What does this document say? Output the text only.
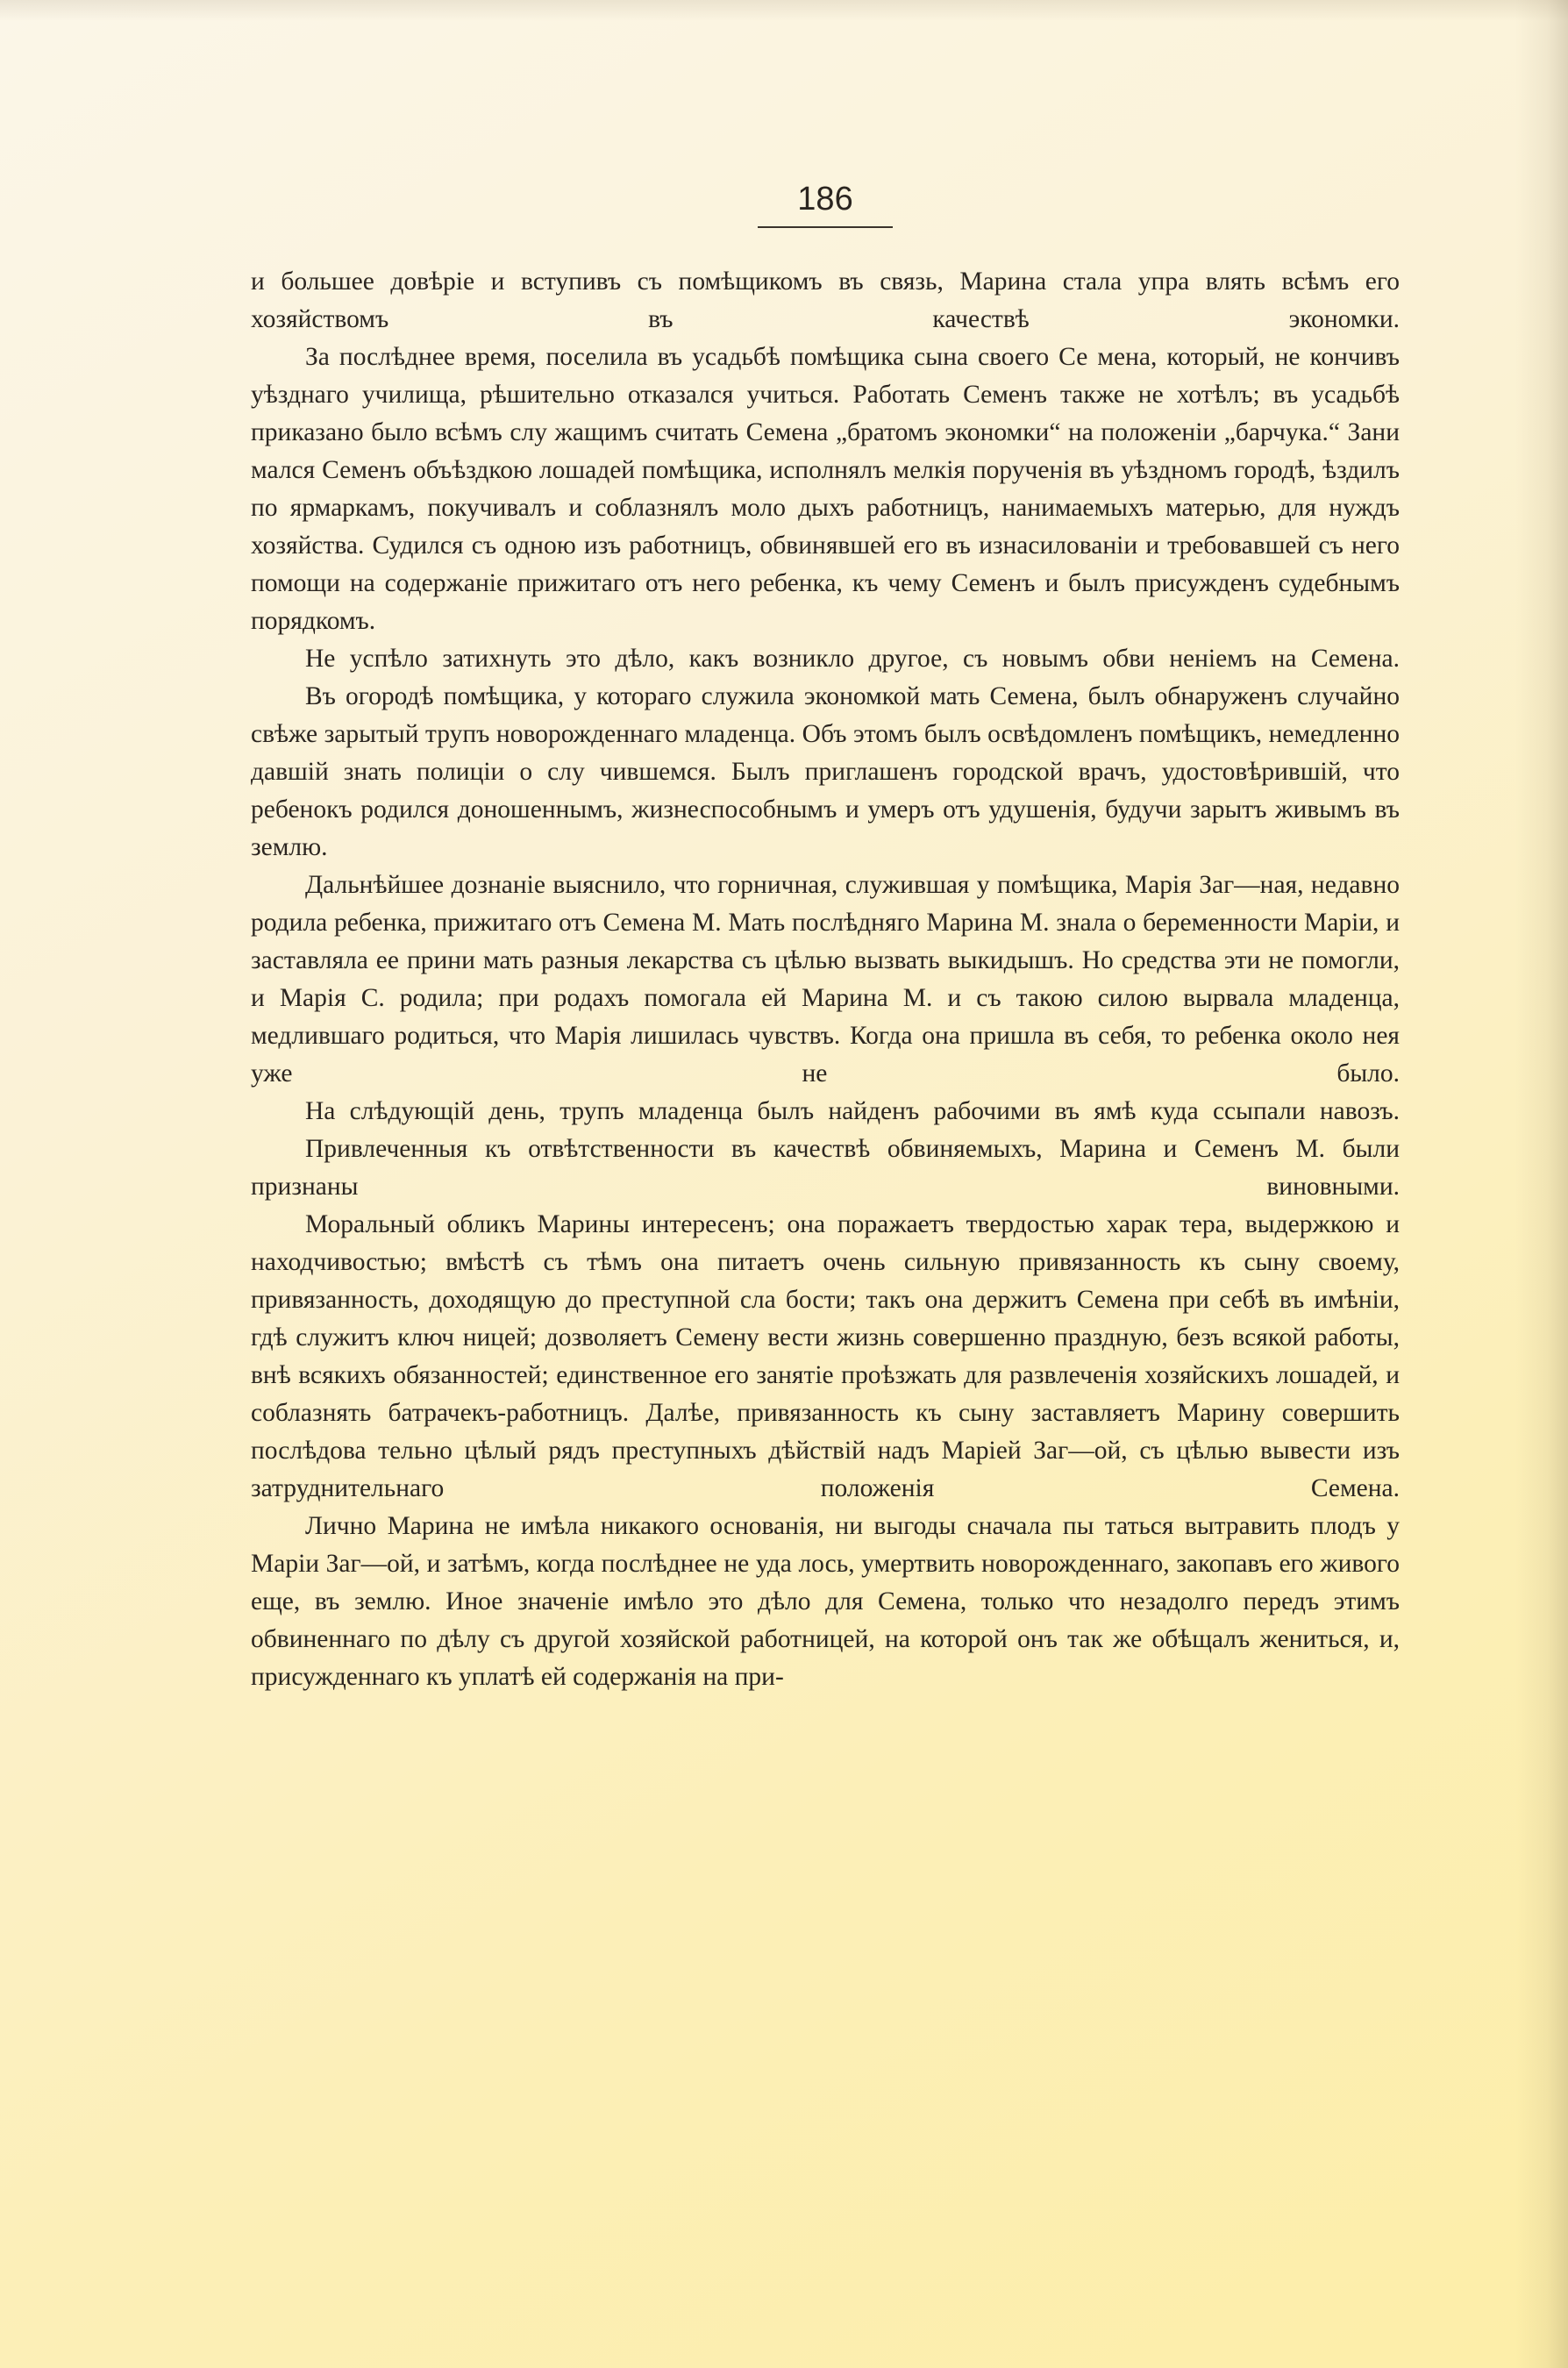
186

и большее довѣріе и вступивъ съ помѣщикомъ въ связь, Марина стала упра влять всѣмъ его хозяйствомъ въ качествѣ экономки.

За послѣднее время, поселила въ усадьбѣ помѣщика сына своего Се мена, который, не кончивъ уѣзднаго училища, рѣшительно отказался учиться. Работать Семенъ также не хотѣлъ; въ усадьбѣ приказано было всѣмъ слу жащимъ считать Семена „братомъ экономки“ на положеніи „барчука.“ Зани мался Семенъ объѣздкою лошадей помѣщика, исполнялъ мелкія порученія въ уѣздномъ городѣ, ѣздилъ по ярмаркамъ, покучивалъ и соблазнялъ моло дыхъ работницъ, нанимаемыхъ матерью, для нуждъ хозяйства. Судился съ одною изъ работницъ, обвинявшей его въ изнасилованіи и требовавшей съ него помощи на содержаніе прижитаго отъ него ребенка, къ чему Семенъ и былъ присужденъ судебнымъ порядкомъ.

Не успѣло затихнуть это дѣло, какъ возникло другое, съ новымъ обви неніемъ на Семена.

Въ огородѣ помѣщика, у котораго служила экономкой мать Семена, былъ обнаруженъ случайно свѣже зарытый трупъ новорожденнаго младенца. Объ этомъ былъ освѣдомленъ помѣщикъ, немедленно давшій знать полиціи о слу чившемся. Былъ приглашенъ городской врачъ, удостовѣрившій, что ребенокъ родился доношеннымъ, жизнеспособнымъ и умеръ отъ удушенія, будучи зарытъ живымъ въ землю.

Дальнѣйшее дознаніе выяснило, что горничная, служившая у помѣщика, Марія Заг—ная, недавно родила ребенка, прижитаго отъ Семена М. Мать послѣдняго Марина М. знала о беременности Маріи, и заставляла ее прини мать разныя лекарства съ цѣлью вызвать выкидышъ. Но средства эти не помогли, и Марія С. родила; при родахъ помогала ей Марина М. и съ такою силою вырвала младенца, медлившаго родиться, что Марія лишилась чувствъ. Когда она пришла въ себя, то ребенка около нея уже не было.

На слѣдующій день, трупъ младенца былъ найденъ рабочими въ ямѣ куда ссыпали навозъ.

Привлеченныя къ отвѣтственности въ качествѣ обвиняемыхъ, Марина и Семенъ М. были признаны виновными.

Моральный обликъ Марины интересенъ; она поражаетъ твердостью харак тера, выдержкою и находчивостью; вмѣстѣ съ тѣмъ она питаетъ очень сильную привязанность къ сыну своему, привязанность, доходящую до преступной сла бости; такъ она держитъ Семена при себѣ въ имѣніи, гдѣ служитъ ключ ницей; дозволяетъ Семену вести жизнь совершенно праздную, безъ всякой работы, внѣ всякихъ обязанностей; единственное его занятіе проѣзжать для развлеченія хозяйскихъ лошадей, и соблазнять батрачекъ-работницъ. Далѣе, привязанность къ сыну заставляетъ Марину совершить послѣдова тельно цѣлый рядъ преступныхъ дѣйствій надъ Маріей Заг—ой, съ цѣлью вывести изъ затруднительнаго положенія Семена.

Лично Марина не имѣла никакого основанія, ни выгоды сначала пы таться вытравить плодъ у Маріи Заг—ой, и затѣмъ, когда послѣднее не уда лось, умертвить новорожденнаго, закопавъ его живого еще, въ землю. Иное значеніе имѣло это дѣло для Семена, только что незадолго передъ этимъ обвиненнаго по дѣлу съ другой хозяйской работницей, на которой онъ так же обѣщалъ жениться, и, присужденнаго къ уплатѣ ей содержанія на при-
